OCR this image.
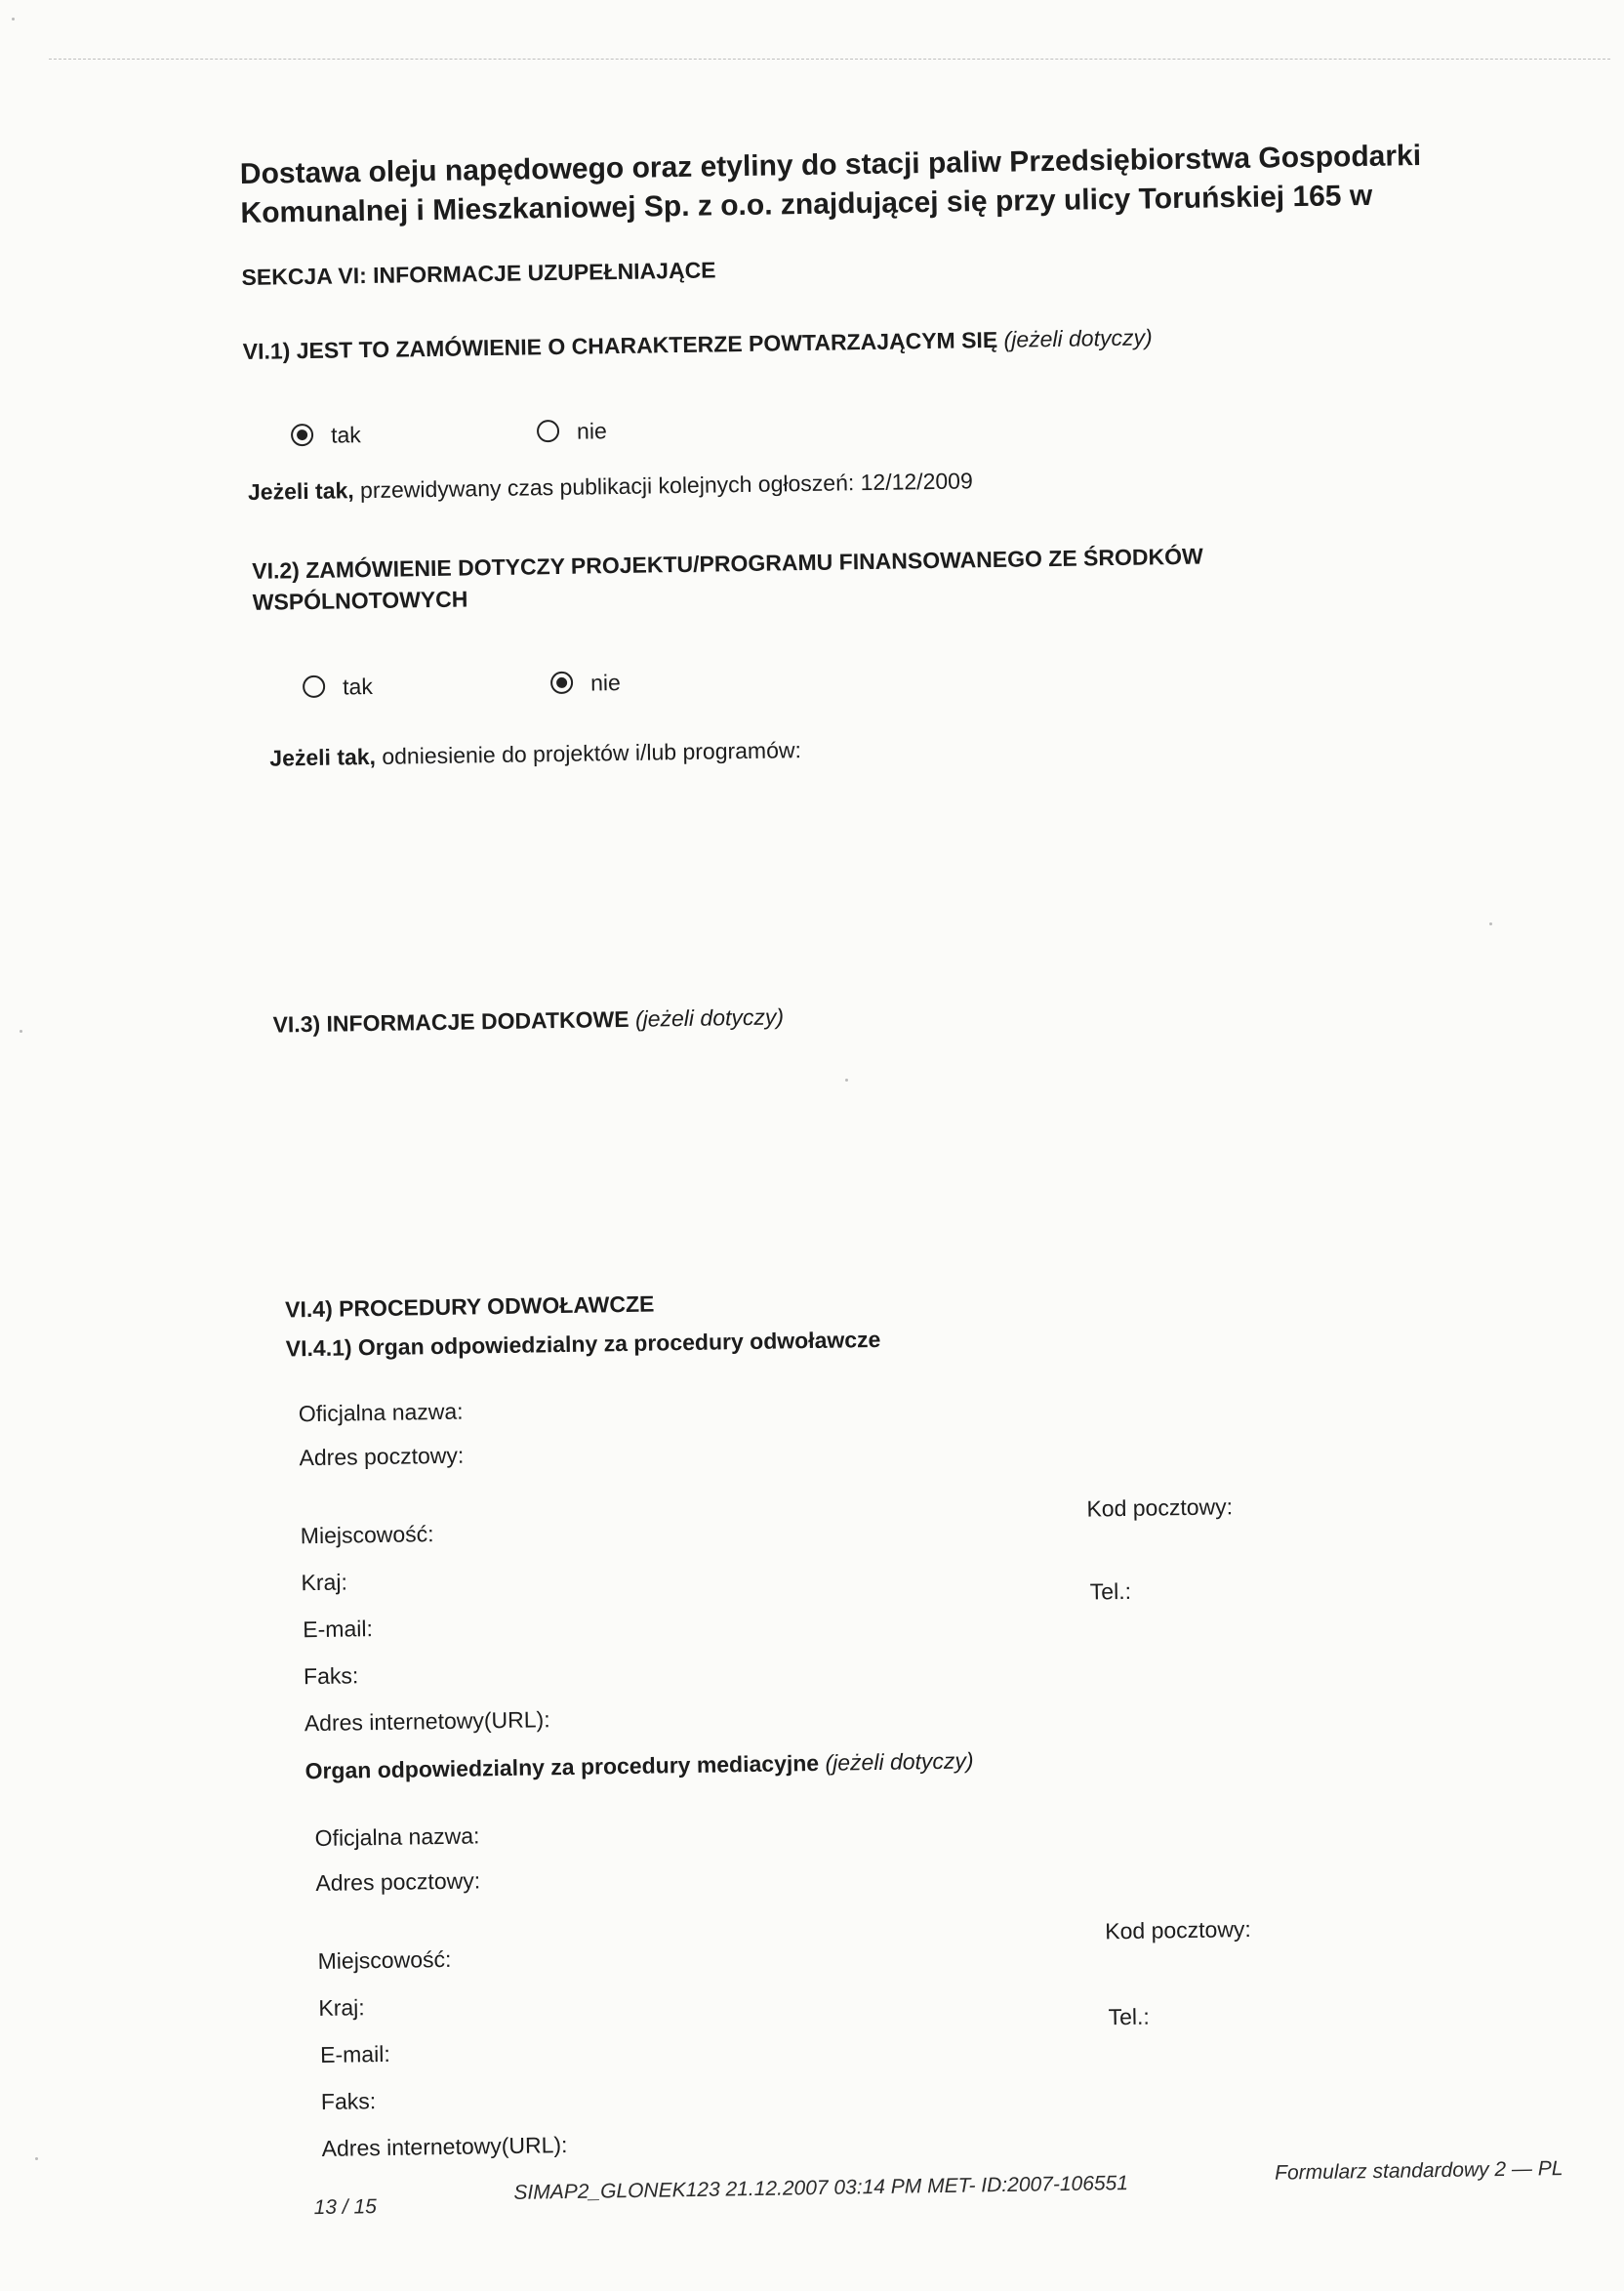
Dostawa oleju napędowego oraz etyliny do stacji paliw Przedsiębiorstwa Gospodarki
Komunalnej i Mieszkaniowej Sp. z o.o. znajdującej się przy ulicy Toruńskiej 165 w
SEKCJA VI: INFORMACJE UZUPEŁNIAJĄCE
VI.1) JEST TO ZAMÓWIENIE O CHARAKTERZE POWTARZAJĄCYM SIĘ (jeżeli dotyczy)
tak	nie
Jeżeli tak, przewidywany czas publikacji kolejnych ogłoszeń: 12/12/2009
VI.2) ZAMÓWIENIE DOTYCZY PROJEKTU/PROGRAMU FINANSOWANEGO ZE ŚRODKÓW
WSPÓLNOTOWYCH
tak	nie
Jeżeli tak, odniesienie do projektów i/lub programów:
VI.3) INFORMACJE DODATKOWE (jeżeli dotyczy)
VI.4) PROCEDURY ODWOŁAWCZE
VI.4.1) Organ odpowiedzialny za procedury odwoławcze
Oficjalna nazwa:
Adres pocztowy:
Miejscowość:
Kod pocztowy:
Kraj:	Tel.:
E-mail:
Faks:
Adres internetowy(URL):
Organ odpowiedzialny za procedury mediacyjne (jeżeli dotyczy)
Oficjalna nazwa:
Adres pocztowy:
Miejscowość:
Kod pocztowy:
Kraj:	Tel.:
E-mail:
Faks:
Adres internetowy(URL):
13 / 15
SIMAP2_GLONEK123 21.12.2007 03:14 PM MET- ID:2007-106551
Formularz standardowy 2 — PL
